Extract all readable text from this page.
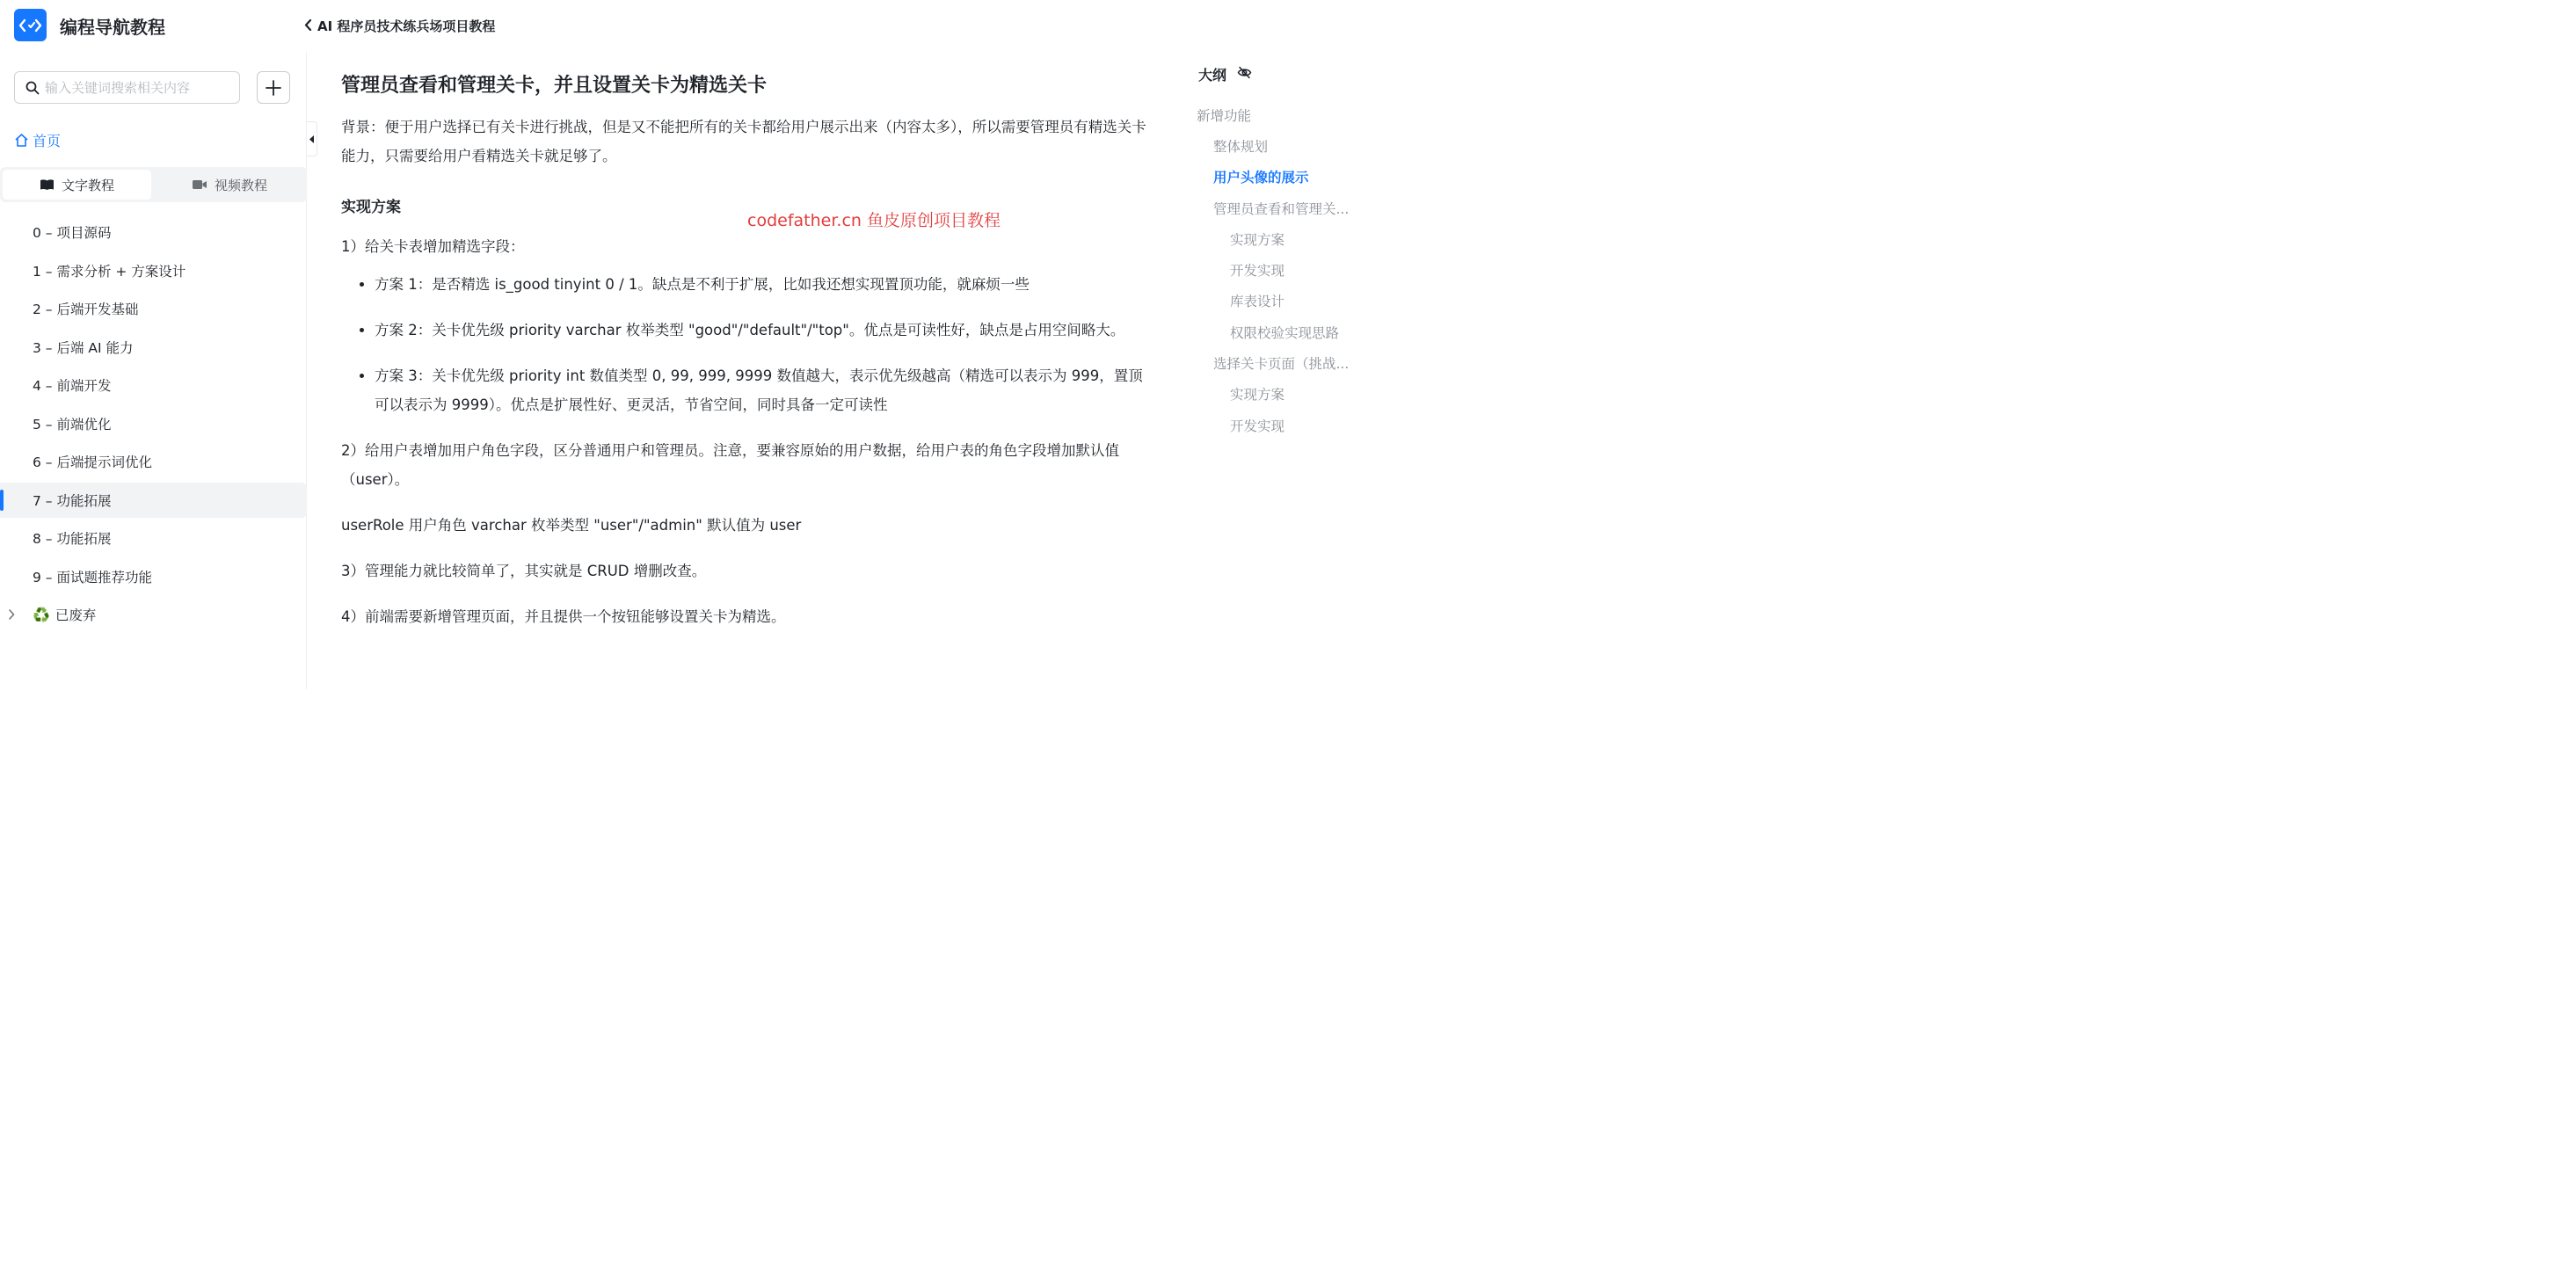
编程导航教程	AI 程序员技术练兵场项目教程
输入关键词搜索相关内容
首页
文字教程	视频教程
0 – 项目源码
1 – 需求分析 + 方案设计
2 – 后端开发基础
3 – 后端 AI 能力
4 – 前端开发
5 – 前端优化
6 – 后端提示词优化
7 – 功能拓展
8 – 功能拓展
9 – 面试题推荐功能
♻️ 已废弃
管理员查看和管理关卡，并且设置关卡为精选关卡

背景：便于用户选择已有关卡进行挑战，但是又不能把所有的关卡都给用户展示出来（内容太多），所以需要管理员有精选关卡能力，只需要给用户看精选关卡就足够了。

实现方案

1）给关卡表增加精选字段：

• 方案 1：是否精选 is_good tinyint 0 / 1。缺点是不利于扩展，比如我还想实现置顶功能，就麻烦一些
• 方案 2：关卡优先级 priority varchar 枚举类型 "good"/"default"/"top"。优点是可读性好，缺点是占用空间略大。
• 方案 3：关卡优先级 priority int 数值类型 0, 99, 999, 9999 数值越大，表示优先级越高（精选可以表示为 999，置顶可以表示为 9999）。优点是扩展性好、更灵活，节省空间，同时具备一定可读性

2）给用户表增加用户角色字段，区分普通用户和管理员。注意，要兼容原始的用户数据，给用户表的角色字段增加默认值（user）。

userRole 用户角色 varchar 枚举类型 "user"/"admin" 默认值为 user

3）管理能力就比较简单了，其实就是 CRUD 增删改查。

4）前端需要新增管理页面，并且提供一个按钮能够设置关卡为精选。

codefather.cn 鱼皮原创项目教程
大纲
新增功能
整体规划
用户头像的展示
管理员查看和管理关...
实现方案
开发实现
库表设计
权限校验实现思路
选择关卡页面（挑战...
实现方案
开发实现
